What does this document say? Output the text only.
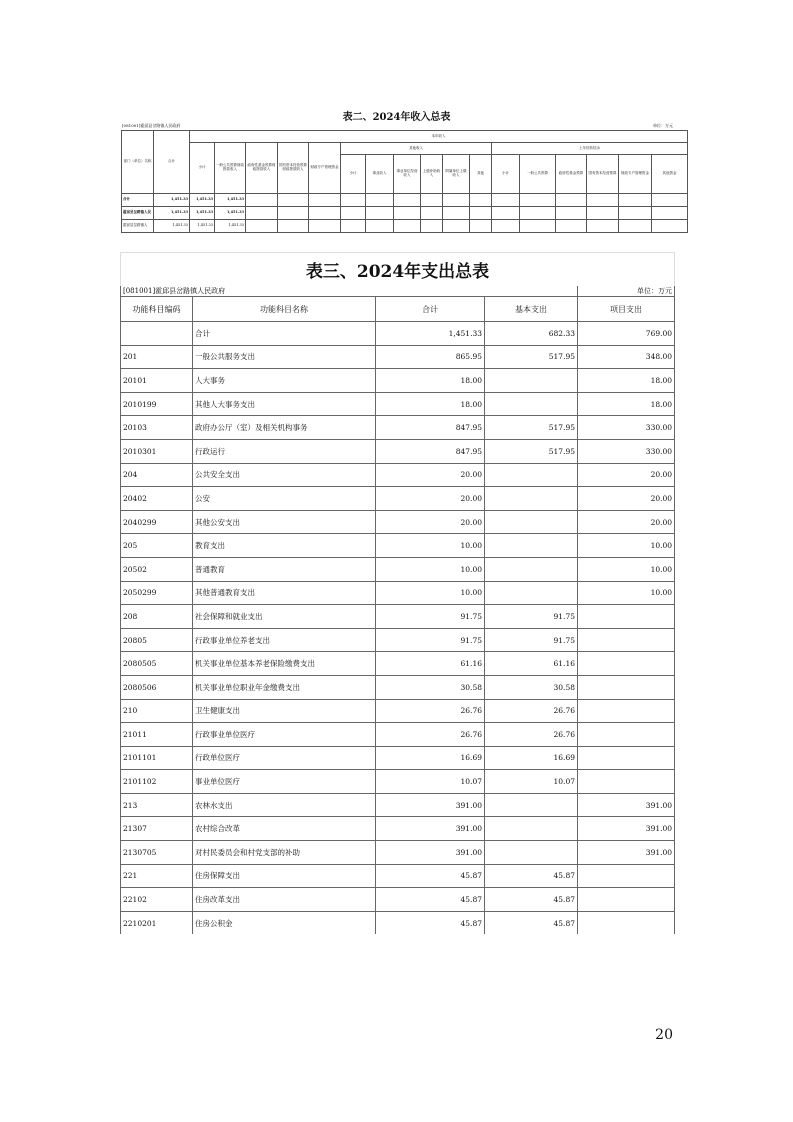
表二、2024年收入总表
[081001]霍邱县岔路镇人民政府	单位：万元
部门（单位）名称	合计	本年收入																
		小计	一般公共预算财政拨款收入	政府性基金预算财政拨款收入	国有资本经营预算财政拨款收入	财政专户管理资金	其他收入						上年结转结余					
							小计	事业收入	事业单位经营收入	上级补助收入	附属单位上缴收入	其他	小计	一般公共预算	政府性基金预算	国有资本经营预算	财政专户管理资金	其他资金

合计	1,451.33	1,451.33	1,451.33															
霍邱县岔路镇人民	1,451.33	1,451.33	1,451.33															
霍邱县岔路镇人	1,451.33	1,451.33	1,451.33															
表三、2024年支出总表				
[081001]霍邱县岔路镇人民政府				单位：万元
功能科目编码	功能科目名称	合计	基本支出	项目支出
	合计	1,451.33	682.33	769.00
201	一般公共服务支出	865.95	517.95	348.00
20101	人大事务	18.00		18.00
2010199	其他人大事务支出	18.00		18.00
20103	政府办公厅（室）及相关机构事务	847.95	517.95	330.00
2010301	行政运行	847.95	517.95	330.00
204	公共安全支出	20.00		20.00
20402	公安	20.00		20.00
2040299	其他公安支出	20.00		20.00
205	教育支出	10.00		10.00
20502	普通教育	10.00		10.00
2050299	其他普通教育支出	10.00		10.00
208	社会保障和就业支出	91.75	91.75	
20805	行政事业单位养老支出	91.75	91.75	
2080505	机关事业单位基本养老保险缴费支出	61.16	61.16	
2080506	机关事业单位职业年金缴费支出	30.58	30.58	
210	卫生健康支出	26.76	26.76	
21011	行政事业单位医疗	26.76	26.76	
2101101	行政单位医疗	16.69	16.69	
2101102	事业单位医疗	10.07	10.07	
213	农林水支出	391.00		391.00
21307	农村综合改革	391.00		391.00
2130705	对村民委员会和村党支部的补助	391.00		391.00
221	住房保障支出	45.87	45.87	
22102	住房改革支出	45.87	45.87	
2210201	住房公积金	45.87	45.87	
20
